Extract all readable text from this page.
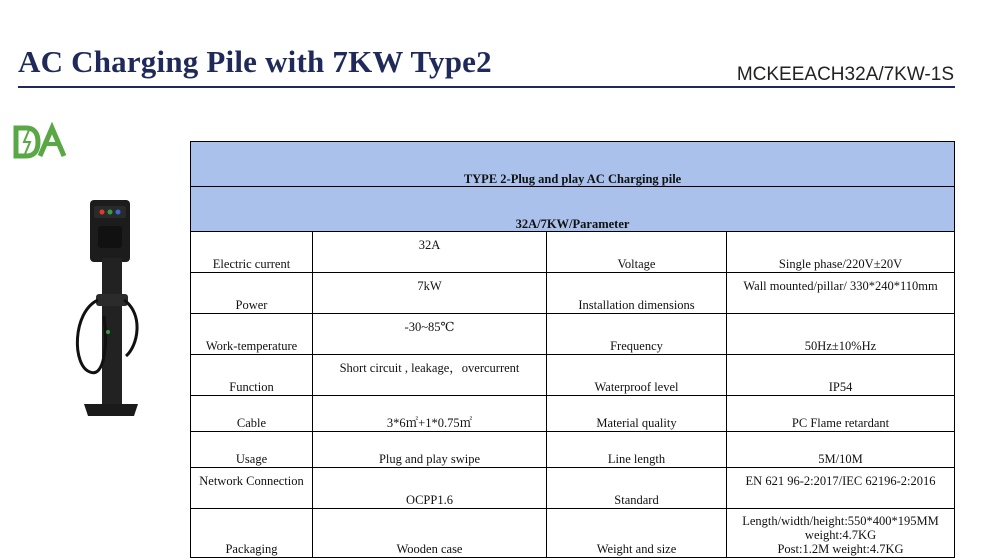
AC Charging Pile with 7KW Type2	MCKEEACH32A/7KW-1S
TYPE 2-Plug and play AC Charging pile			
32A/7KW/Parameter			
Electric current	32A	Voltage	Single phase/220V±20V
Power	7kW	Installation dimensions	Wall mounted/pillar/ 330*240*110mm
Work-temperature	-30~85℃	Frequency	50Hz±10%Hz
Function	Short circuit , leakage，overcurrent	Waterproof level	IP54
Cable	3*6㎡+1*0.75㎡	Material quality	PC Flame retardant
Usage	Plug and play swipe	Line length	5M/10M
Network Connection	OCPP1.6	Standard	EN 621 96-2:2017/IEC 62196-2:2016
Packaging	Wooden case	Weight and size	Length/width/height:550*400*195MM
weight:4.7KG
Post:1.2M weight:4.7KG
